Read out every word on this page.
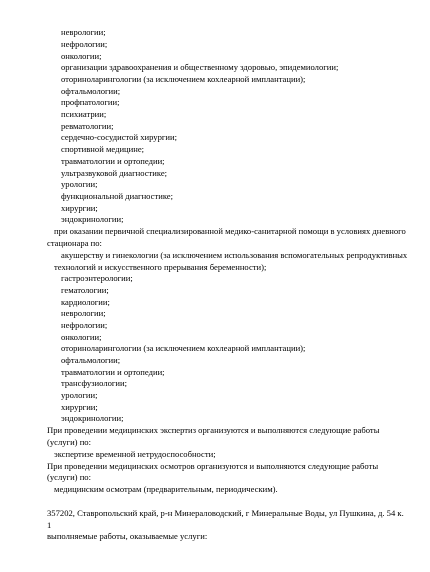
неврологии;
нефрологии;
онкологии;
организации здравоохранения и общественному здоровью, эпидемиологии;
оториноларингологии (за исключением кохлеарной имплантации);
офтальмологии;
профпатологии;
психиатрии;
ревматологии;
сердечно-сосудистой хирургии;
спортивной медицине;
травматологии и ортопедии;
ультразвуковой диагностике;
урологии;
функциональной диагностике;
хирургии;
эндокринологии;
при оказании первичной специализированной медико-санитарной помощи в условиях дневного
стационара по:
акушерству и гинекологии (за исключением использования вспомогательных репродуктивных
технологий и искусственного прерывания беременности);
гастроэнтерологии;
гематологии;
кардиологии;
неврологии;
нефрологии;
онкологии;
оториноларингологии (за исключением кохлеарной имплантации);
офтальмологии;
травматологии и ортопедии;
трансфузиологии;
урологии;
хирургии;
эндокринологии;
При проведении медицинских экспертиз организуются и выполняются следующие работы
(услуги) по:
экспертизе временной нетрудоспособности;
При проведении медицинских осмотров организуются и выполняются следующие работы
(услуги) по:
медицинским осмотрам (предварительным, периодическим).
357202, Ставропольский край, р-н Минераловодский, г Минеральные Воды, ул Пушкина, д. 54 к.
1
выполняемые работы, оказываемые услуги:
